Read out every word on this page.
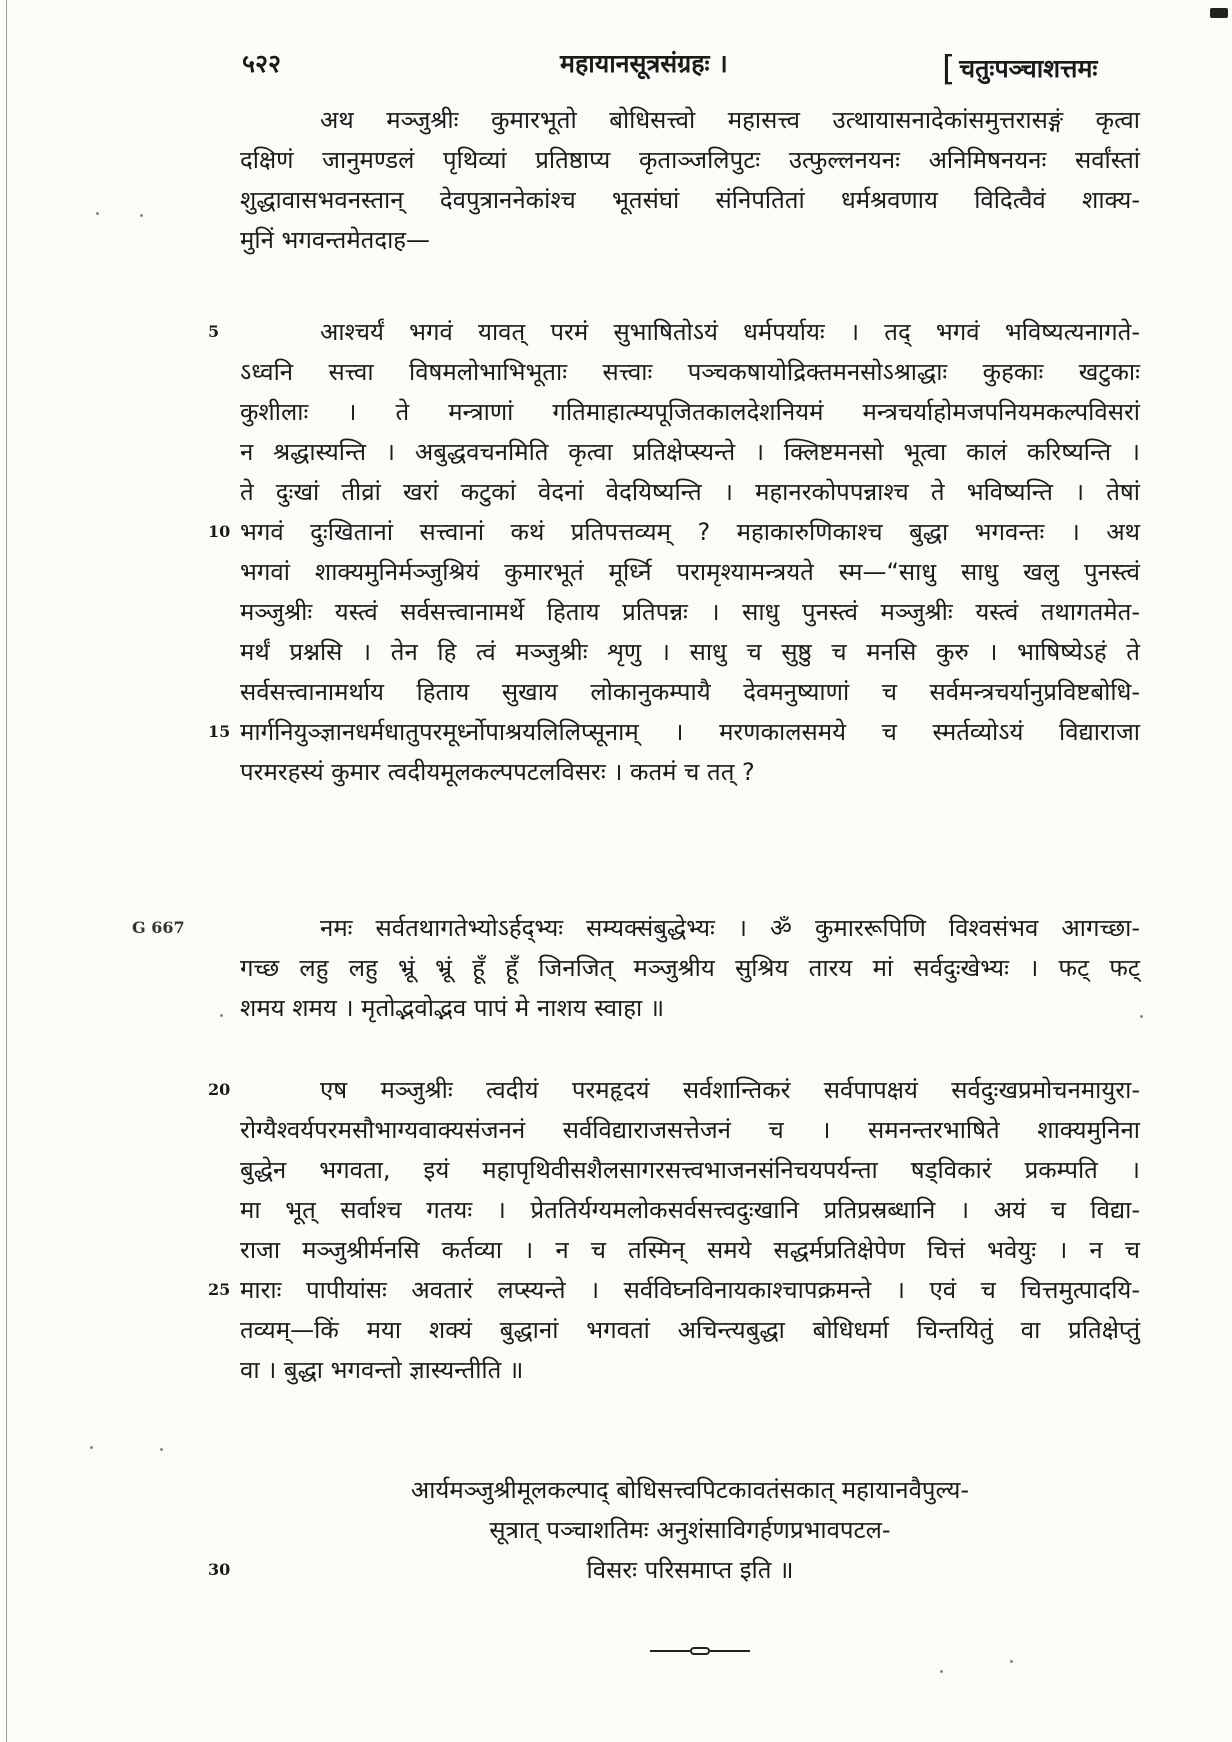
५२२	महायानसूत्रसंग्रहः ।	[ चतुःपञ्चाशत्तमः
अथ मञ्जुश्रीः कुमारभूतो बोधिसत्त्वो महासत्त्व उत्थायासनादेकांसमुत्तरासङ्गं कृत्वा
दक्षिणं जानुमण्डलं पृथिव्यां प्रतिष्ठाप्य कृताञ्जलिपुटः उत्फुल्लनयनः अनिमिषनयनः सर्वांस्तां
शुद्धावासभवनस्तान् देवपुत्राननेकांश्च भूतसंघां संनिपतितां धर्मश्रवणाय विदित्वैवं शाक्य-
मुनिं भगवन्तमेतदाह—
5	आश्चर्यं भगवं यावत् परमं सुभाषितोऽयं धर्मपर्यायः । तद् भगवं भविष्यत्यनागते-
ऽध्वनि सत्त्वा विषमलोभाभिभूताः सत्त्वाः पञ्चकषायोद्रिक्तमनसोऽश्राद्धाः कुहकाः खटुकाः
कुशीलाः । ते मन्त्राणां गतिमाहात्म्यपूजितकालदेशनियमं मन्त्रचर्याहोमजपनियमकल्पविसरां
न श्रद्धास्यन्ति । अबुद्धवचनमिति कृत्वा प्रतिक्षेप्स्यन्ते । क्लिष्टमनसो भूत्वा कालं करिष्यन्ति ।
ते दुःखां तीव्रां खरां कटुकां वेदनां वेदयिष्यन्ति । महानरकोपपन्नाश्च ते भविष्यन्ति । तेषां
10 भगवं दुःखितानां सत्त्वानां कथं प्रतिपत्तव्यम् ? महाकारुणिकाश्च बुद्धा भगवन्तः । अथ
भगवां शाक्यमुनिर्मञ्जुश्रियं कुमारभूतं मूर्ध्नि परामृश्यामन्त्रयते स्म—“साधु साधु खलु पुनस्त्वं
मञ्जुश्रीः यस्त्वं सर्वसत्त्वानामर्थे हिताय प्रतिपन्नः । साधु पुनस्त्वं मञ्जुश्रीः यस्त्वं तथागतमेत-
मर्थं प्रश्नसि । तेन हि त्वं मञ्जुश्रीः शृणु । साधु च सुष्ठु च मनसि कुरु । भाषिष्येऽहं ते
सर्वसत्त्वानामर्थाय हिताय सुखाय लोकानुकम्पायै देवमनुष्याणां च सर्वमन्त्रचर्यानुप्रविष्टबोधि-
15 मार्गनियुञ्ज्ञानधर्मधातुपरमूर्ध्नोपाश्रयलिलिप्सूनाम् । मरणकालसमये च स्मर्तव्योऽयं विद्याराजा
परमरहस्यं कुमार त्वदीयमूलकल्पपटलविसरः । कतमं च तत् ?
G 667	नमः सर्वतथागतेभ्योऽर्हद्भ्यः सम्यक्संबुद्धेभ्यः । ॐ कुमाररूपिणि विश्वसंभव आगच्छा-
गच्छ लहु लहु भ्रूं भ्रूं हूँ हूँ जिनजित् मञ्जुश्रीय सुश्रिय तारय मां सर्वदुःखेभ्यः । फट् फट्
शमय शमय । मृतोद्भवोद्भव पापं मे नाशय स्वाहा ॥
20	एष मञ्जुश्रीः त्वदीयं परमहृदयं सर्वशान्तिकरं सर्वपापक्षयं सर्वदुःखप्रमोचनमायुरा-
रोग्यैश्वर्यपरमसौभाग्यवाक्यसंजननं सर्वविद्याराजसत्तेजनं च । समनन्तरभाषिते शाक्यमुनिना
बुद्धेन भगवता, इयं महापृथिवीसशैलसागरसत्त्वभाजनसंनिचयपर्यन्ता षड्विकारं प्रकम्पति ।
मा भूत् सर्वाश्च गतयः । प्रेततिर्यग्यमलोकसर्वसत्त्वदुःखानि प्रतिप्रस्रब्धानि । अयं च विद्या-
राजा मञ्जुश्रीर्मनसि कर्तव्या । न च तस्मिन् समये सद्धर्मप्रतिक्षेपेण चित्तं भवेयुः । न च
25 माराः पापीयांसः अवतारं लप्स्यन्ते । सर्वविघ्नविनायकाश्चापक्रमन्ते । एवं च चित्तमुत्पादयि-
तव्यम्—किं मया शक्यं बुद्धानां भगवतां अचिन्त्यबुद्धा बोधिधर्मा चिन्तयितुं वा प्रतिक्षेप्तुं
वा । बुद्धा भगवन्तो ज्ञास्यन्तीति ॥
आर्यमञ्जुश्रीमूलकल्पाद् बोधिसत्त्वपिटकावतंसकात् महायानवैपुल्य-
सूत्रात् पञ्चाशतिमः अनुशंसाविगर्हणप्रभावपटल-
30	विसरः परिसमाप्त इति ॥
